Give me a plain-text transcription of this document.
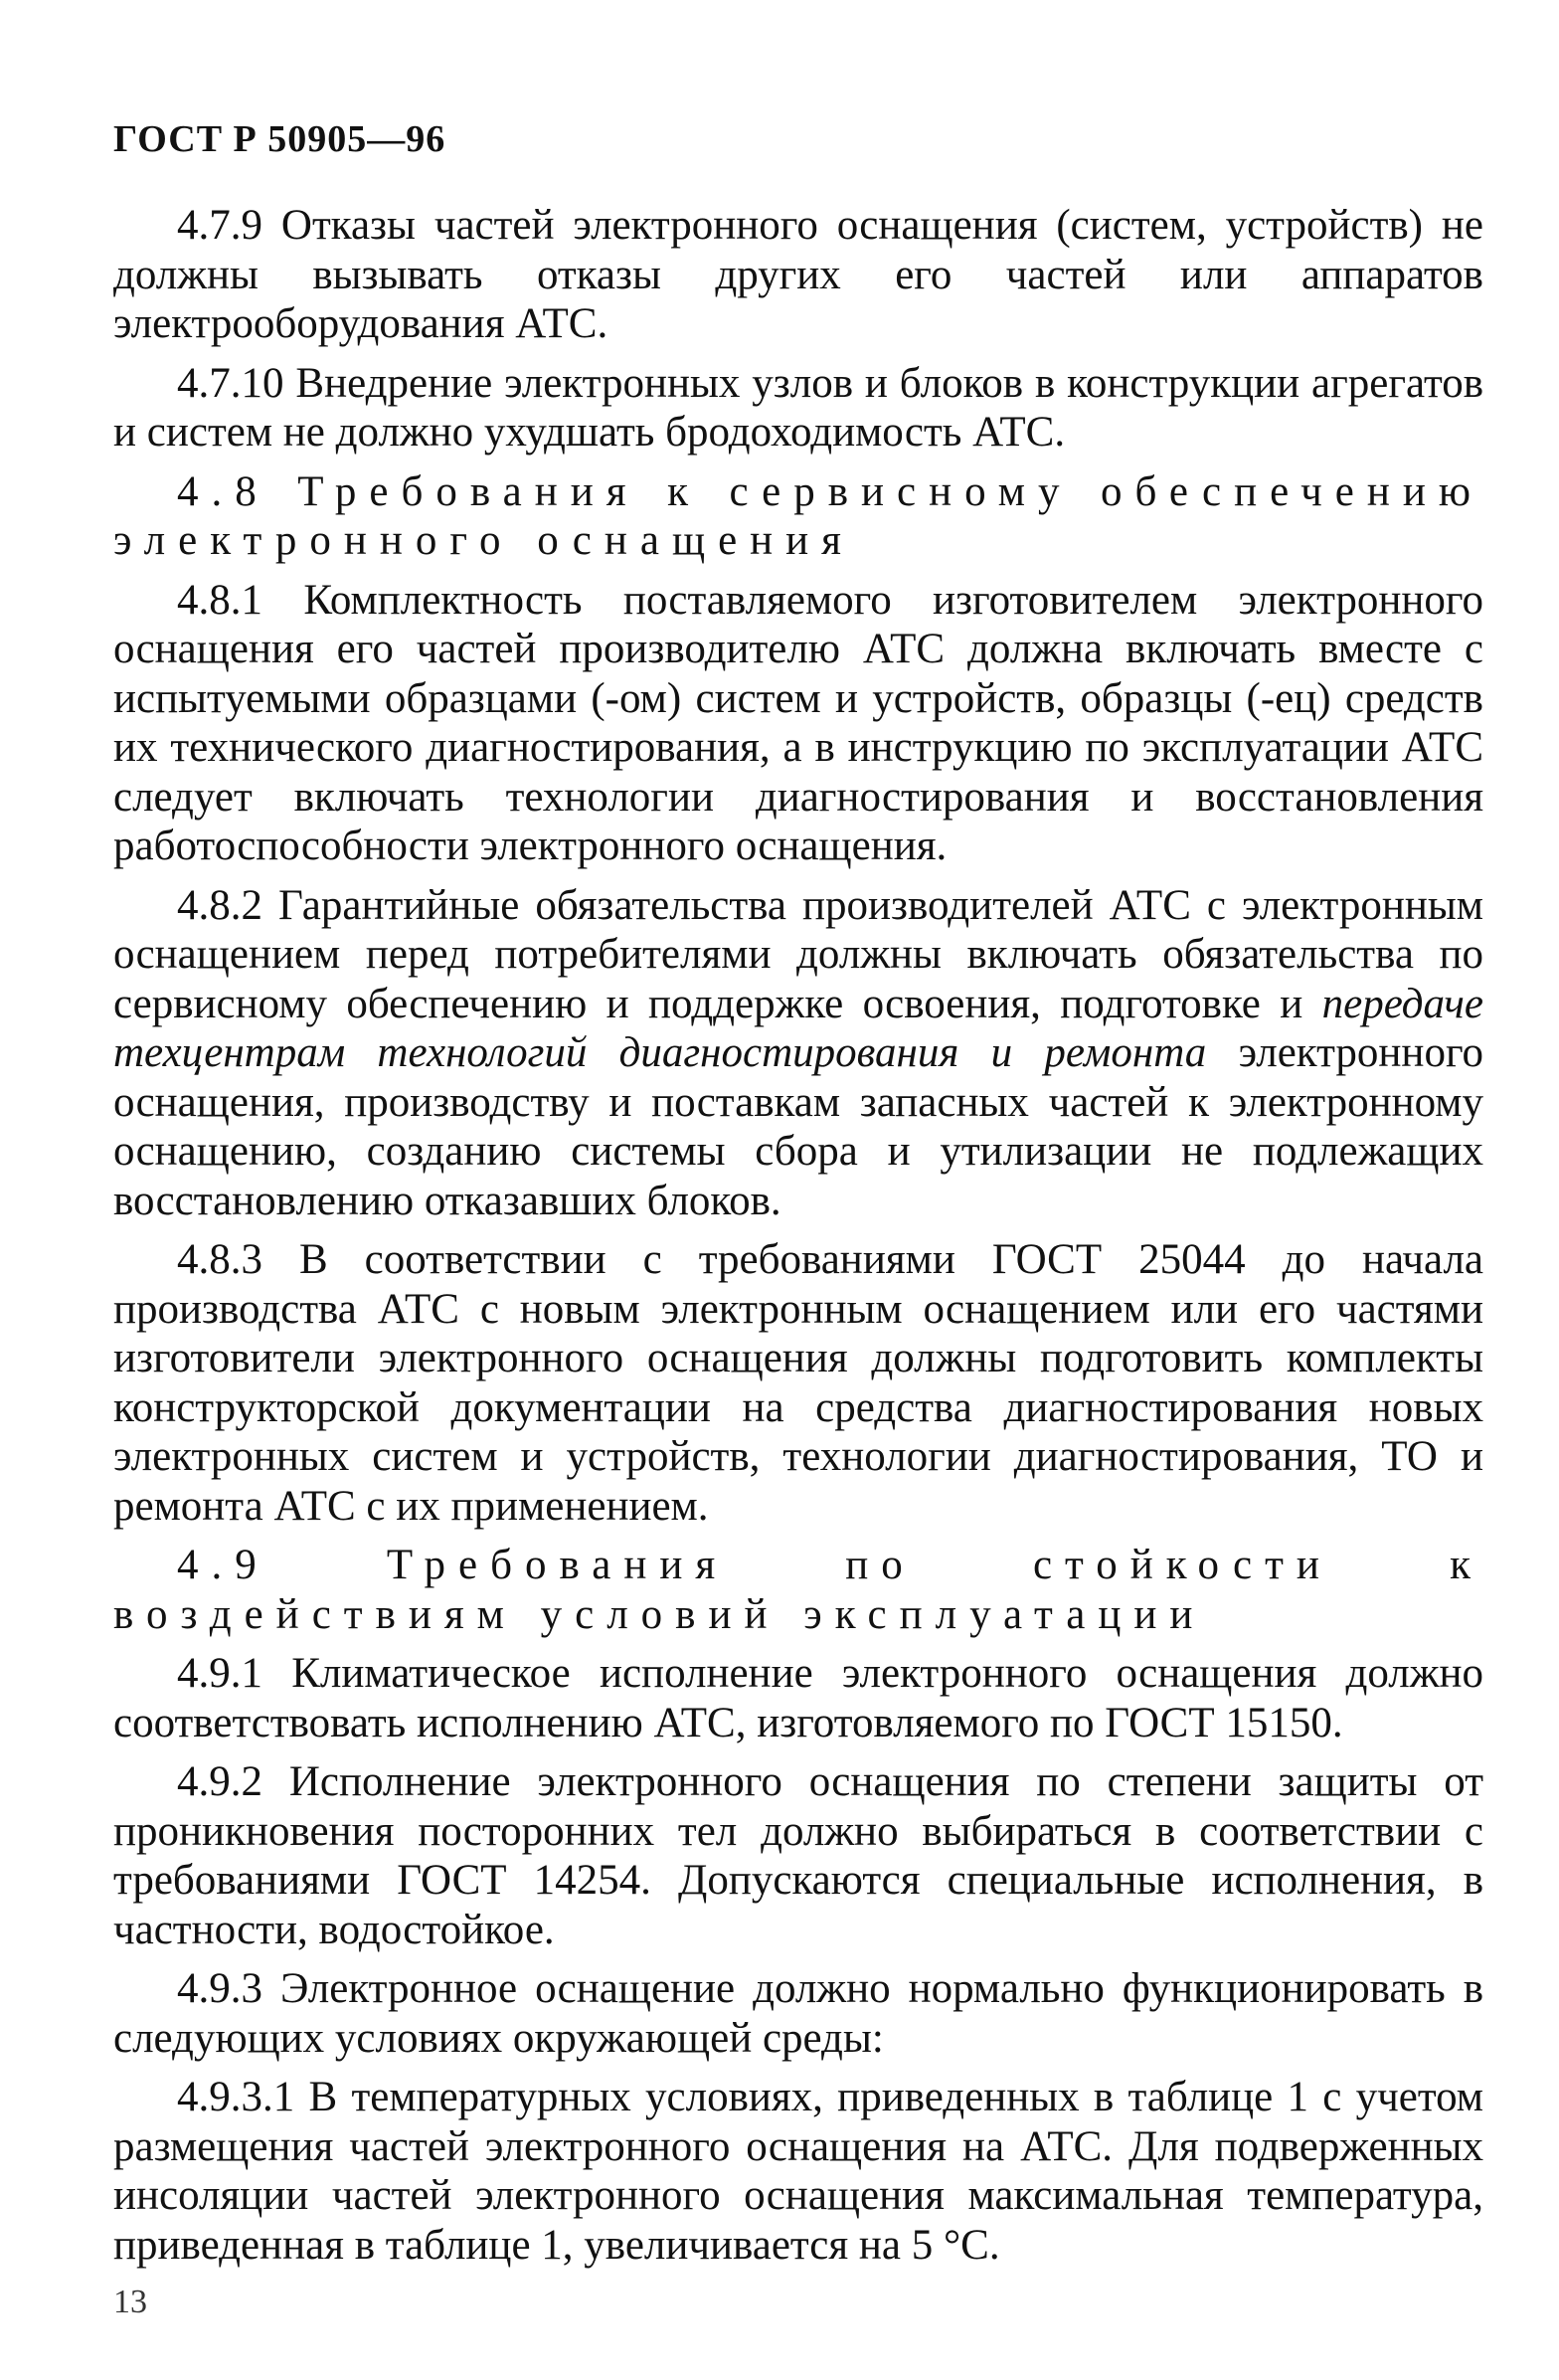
ГОСТ Р 50905—96

4.7.9 Отказы частей электронного оснащения (систем, устройств) не должны вызывать отказы других его частей или аппаратов электрооборудования АТС.

4.7.10 Внедрение электронных узлов и блоков в конструкции агрегатов и систем не должно ухудшать бродоходимость АТС.

4.8 Требования к сервисному обеспечению электронного оснащения

4.8.1 Комплектность поставляемого изготовителем электронного оснащения его частей производителю АТС должна включать вместе с испытуемыми образцами (-ом) систем и устройств, образцы (-ец) средств их технического диагностирования, а в инструкцию по эксплуатации АТС следует включать технологии диагностирования и восстановления работоспособности электронного оснащения.

4.8.2 Гарантийные обязательства производителей АТС с электронным оснащением перед потребителями должны включать обязательства по сервисному обеспечению и поддержке освоения, подготовке и передаче техцентрам технологий диагностирования и ремонта электронного оснащения, производству и поставкам запасных частей к электронному оснащению, созданию системы сбора и утилизации не подлежащих восстановлению отказавших блоков.

4.8.3 В соответствии с требованиями ГОСТ 25044 до начала производства АТС с новым электронным оснащением или его частями изготовители электронного оснащения должны подготовить комплекты конструкторской документации на средства диагностирования новых электронных систем и устройств, технологии диагностирования, ТО и ремонта АТС с их применением.

4.9 Требования по стойкости к воздействиям условий эксплуатации

4.9.1 Климатическое исполнение электронного оснащения должно соответствовать исполнению АТС, изготовляемого по ГОСТ 15150.

4.9.2 Исполнение электронного оснащения по степени защиты от проникновения посторонних тел должно выбираться в соответствии с требованиями ГОСТ 14254. Допускаются специальные исполнения, в частности, водостойкое.

4.9.3 Электронное оснащение должно нормально функционировать в следующих условиях окружающей среды:

4.9.3.1 В температурных условиях, приведенных в таблице 1 с учетом размещения частей электронного оснащения на АТС. Для подверженных инсоляции частей электронного оснащения максимальная температура, приведенная в таблице 1, увеличивается на 5 °С.

13
